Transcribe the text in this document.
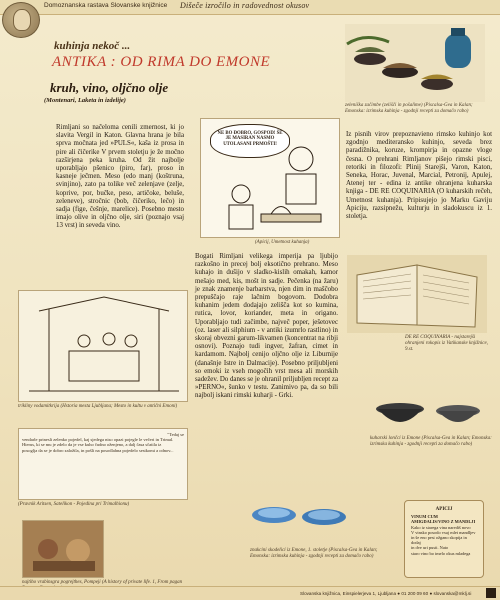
Domoznanska rastava Slovanske knjižnice Dišeče izročilo in radovednost okusov
kuhinja nekoč ...
ANTIKA : OD RIMA DO EMONE
kruh, vino, oljčno olje
(Montenari, Laketa in izdelije)
zeleniška začimbe (zelišči in pošalime) (Piscalsa-Gea in Kalan; Emonska: izrimska kuhinja - zgodnji recepti za domačo rabo)
Rimljani so načeloma cenili zmernost, ki jo slavita Vergil in Katon. Glavna hrana je bila sprva močnata jed »PULS«, kaša iz prosa in pire ali čičerike V prvem stoletju je že močno razširjena peka kruha. Od žit najbolje uporabljajo pšenico (piro, far), proso in kasneje ječmen. Meso (edo manj (koštruna, svinjino), zato pa tolike več zelenjave (zelje, koprive, por, bučke, peso, artičoke, beluše, zeleneve), stročnic (bob, čičeriko, lečo) in sadja (fige, češnje, marelice). Posebno mesto imajo olive in oljčno olje, siri (poznajo vsaj 13 vrst) in seveda vino.
NE BO ĐOBRO, GOSPOD! ŠE JE MASIRAN NASMO UTOLASANI PRMOŠTI!
(Apicij, Umetnost kuhanja)
Iz pisnih virov prepoznavieno rimsko kuhinjo kot zgodnjo mediteransko kuhinjo, seveda brez paradižnika, koruze, krompirja in opazne vloge česna. O prehrani Rimljanov pišejo rimski pisci, retoriki in filozofi: Plinij Starejši, Varon, Katon, Seneka, Horac, Juvenal, Marcial, Petronij, Apulej, Atenej ter - edina iz antike ohranjena kuharska knjiga - DE RE COQUINARIA (O kuharskih rečeh, Umetnost kuhanja). Pripisujejo jo Marku Gaviju Apiciju, razsipnežu, kulturju in sladokuscu iz 1. stoletja.
DE RE COQUINARIA - najstarejši ohranjeni rokopis iz Vatikanske knjižnice, 9.st.
Bogati Rimljani velikega imperija pa ljubijo razkošno in precej bolj eksotično prehrano. Meso kuhajo in dušijo v sladko-kislih omakah, kamor mešajo med, kis, mošt in sadje. Pečenka (na žaru) je znak znamenje barbarstva, njen dim in maščobo prepuščajo raje lačnim bogovom. Dodobra kuhanim jedem dodajajo zelišča kot so kumina, rutica, lovor, koriander, meta in origano. Uporabljajo tudi začimbe, največ poper, ješetovec (oz. laser ali silphium - v antiki izumrlo rastlino) in skoraj obvezni garum-likvamen (koncentrat na ribji osnovi). Poznajo tudi ingver, žafran, cimet in kardamom. Najbolj cenijo oljčno olje iz Liburnije (današnje Istre in Dalmacije). Posebno priljubljeni so emoki iz vseh mogočih vrst mesa ali morskih sadežev. Do danes se je ohranil priljubljen recept za »PERNO«, šunko v testu. Zanimivo pa, da so bili najbolj iskani rimski kuharji - Grki.
trikliny vodamitkrija (Hstoria mesta Ljubljana; Mesto in kultu v antični Emoni)
"Tedaj se
vendarle prinesli zelenko pojedel, kaj sjedega niso opazi pojegle le večeri in Trimal.
Hierus, ki se mu je zdelo da je vse kuho čudno oženjeno, a dalj časa sčatila iz
posoglja da se je dobro založila, in pošli na posodlahna pojedelo sestkomi a odnov...
(Pravnik Aritsen, Satelikon - Pojedina pri Trimalhionu)
najtiho vrabinsgra pogrejthes, Pompeji (A history of private life. 1, From pagan
kuharski lončci iz Emone (Piscalsa-Gea in Kalan; Emonska: izrimska kuhinja - zgodnji recepti za domačo rabo)
znakcini skodelici iz Emone, 1. stoletje (Piscalsa-Gea in Kalan; Emonska: izrimska kuhinja - zgodnji recepti za domačo rabo)
APICIJ
VINUM CUM AMIGDALIS/VINO Z MANDLJI
Kako iz starega vina narediš novo
V vinsko posodo vsuj mlet mandljev
in še eno pest ožgano skopija in dodaj
in dve uri pusti. Nato
staro vino bo imelo okus mladega
Slovanska knjižnica, Einspielerjeva 1, Ljubljana ● 01 200 09 60 ● slovanska@mklj.si
